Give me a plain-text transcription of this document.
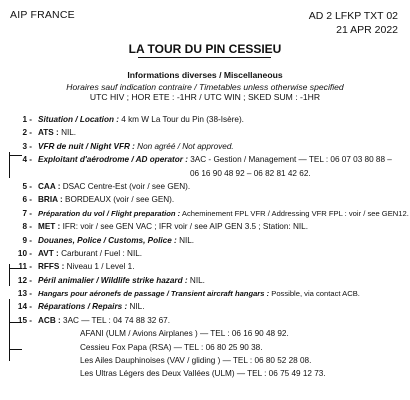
AIP FRANCE	AD 2 LFKP TXT 02
21 APR 2022
LA TOUR DU PIN CESSIEU
Informations diverses / Miscellaneous
Horaires sauf indication contraire / Timetables unless otherwise specified
UTC HIV ; HOR ETE : -1HR / UTC WIN ; SKED SUM : -1HR
1 - Situation / Location : 4 km W La Tour du Pin (38-Isère).
2 - ATS : NIL.
3 - VFR de nuit / Night VFR : Non agréé / Not approved.
4 - Exploitant d'aérodrome / AD operator : 3AC - Gestion / Management — TEL : 06 07 03 80 88 –
06 16 90 48 92 – 06 82 81 42 62.
5 - CAA : DSAC Centre-Est (voir / see GEN).
6 - BRIA : BORDEAUX (voir / see GEN).
7 - Préparation du vol / Flight preparation : Acheminement FPL VFR / Addressing VFR FPL : voir / see GEN12.
8 - MET : IFR: voir / see GEN VAC ; IFR voir / see AIP GEN 3.5 ; Station: NIL.
9 - Douanes, Police / Customs, Police : NIL.
10 - AVT : Carburant / Fuel : NIL.
11 - RFFS : Niveau 1 / Level 1.
12 - Péril animalier / Wildlife strike hazard : NIL.
13 - Hangars pour aéronefs de passage / Transient aircraft hangars : Possible, via contact ACB.
14 - Réparations / Repairs : NIL.
15 - ACB : 3AC — TEL : 04 74 88 32 67.
AFANI (ULM / Avions Airplanes ) — TEL : 06 16 90 48 92.
Cessieu Fox Papa (RSA) — TEL : 06 80 25 90 38.
Les Ailes Dauphinoises (VAV / gliding ) — TEL : 06 80 52 28 08.
Les Ultras Légers des Deux Vallées (ULM) — TEL : 06 75 49 12 73.
